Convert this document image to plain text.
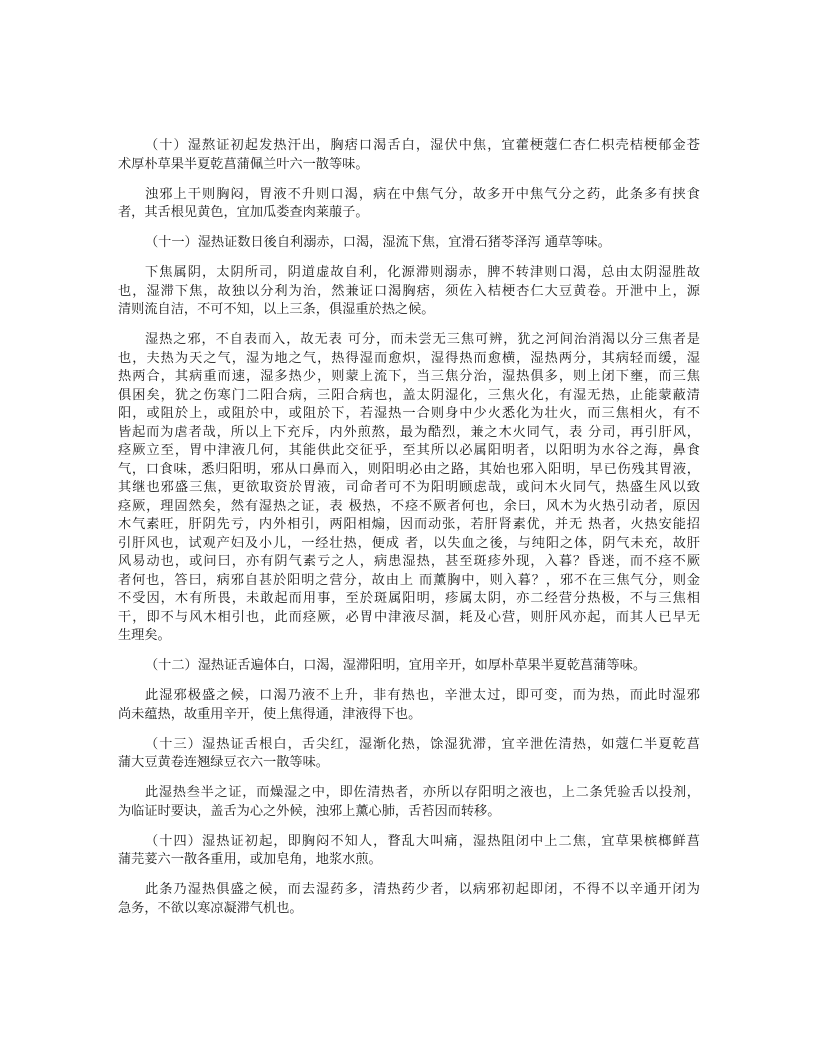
（十）湿熬证初起发热汗出，胸痞口渴舌白，湿伏中焦，宜藿梗蔻仁杏仁枳壳桔梗郁金苍
术厚朴草果半夏乾菖蒲佩兰叶六一散等味。
浊邪上干则胸闷，胃液不升则口渴，病在中焦气分，故多开中焦气分之药，此条多有挟食
者，其舌根见黄色，宜加瓜娄查肉莱菔子。
（十一）湿热证数日後自利溺赤，口渴，湿流下焦，宜滑石猪苓泽泻 通草等味。
下焦属阴，太阴所司，阴道虚故自利，化源滞则溺赤，脾不转津则口渴，总由太阴湿胜故
也，湿滞下焦，故独以分利为治，然兼证口渴胸痞，须佐入桔梗杏仁大豆黄卷。开泄中上，源
清则流自洁，不可不知，以上三条，俱湿重於热之候。
湿热之邪，不自表而入，故无表 可分，而未尝无三焦可辨，犹之河间治消渴以分三焦者是
也，夫热为天之气，湿为地之气，热得湿而愈炽，湿得热而愈横，湿热两分，其病轻而缓，湿
热两合，其病重而速，湿多热少，则蒙上流下，当三焦分治，湿热俱多，则上闭下壅，而三焦
俱困矣，犹之伤寒门二阳合病，三阳合病也，盖太阴湿化，三焦火化，有湿无热，止能蒙蔽清
阳，或阻於上，或阻於中，或阻於下，若湿热一合则身中少火悉化为壮火，而三焦相火，有不
皆起而为虐者哉，所以上下充斥，内外煎熬，最为酷烈，兼之木火同气，表 分司，再引肝风，
痉厥立至，胃中津液几何，其能供此交征乎，至其所以必属阳明者，以阳明为水谷之海，鼻食
气，口食味，悉归阳明，邪从口鼻而入，则阳明必由之路，其始也邪入阳明，早已伤残其胃液，
其继也邪盛三焦，更欲取资於胃液，司命者可不为阳明顾虑哉，或问木火同气，热盛生风以致
痉厥，理固然矣，然有湿热之证，表 极热，不痉不厥者何也，余曰，风木为火热引动者，原因
木气素旺，肝阴先亏，内外相引，两阳相煽，因而动张，若肝肾素优，并无 热者，火热安能招
引肝风也，试观产妇及小儿，一经壮热，便成 者，以失血之後，与纯阳之体，阴气未充，故肝
风易动也，或问曰，亦有阴气素亏之人，病患湿热，甚至斑疹外现，入暮？昏迷，而不痉不厥
者何也，答曰，病邪自甚於阳明之营分，故由上 而薰胸中，则入暮？，邪不在三焦气分，则金
不受因，木有所畏，未敢起而用事，至於斑属阳明，疹属太阴，亦二经营分热极，不与三焦相
干，即不与风木相引也，此而痉厥，必胃中津液尽涸，耗及心营，则肝风亦起，而其人已早无
生理矣。
（十二）湿热证舌遍体白，口渴，湿滞阳明，宜用辛开，如厚朴草果半夏乾菖蒲等味。
此湿邪极盛之候，口渴乃液不上升，非有热也，辛泄太过，即可变，而为热，而此时湿邪
尚未蕴热，故重用辛开，使上焦得通，津液得下也。
（十三）湿热证舌根白，舌尖红，湿渐化热，馀湿犹滞，宜辛泄佐清热，如蔻仁半夏乾菖
蒲大豆黄卷连翘绿豆衣六一散等味。
此湿热叁半之证，而燥湿之中，即佐清热者，亦所以存阳明之液也，上二条凭验舌以投剂，
为临证时要诀，盖舌为心之外候，浊邪上薰心肺，舌苔因而转移。
（十四）湿热证初起，即胸闷不知人，瞀乱大叫痛，湿热阻闭中上二焦，宜草果槟榔鲜菖
蒲芫荽六一散各重用，或加皂角，地浆水煎。
此条乃湿热俱盛之候，而去湿药多，清热药少者，以病邪初起即闭，不得不以辛通开闭为
急务，不欲以寒凉凝滞气机也。
